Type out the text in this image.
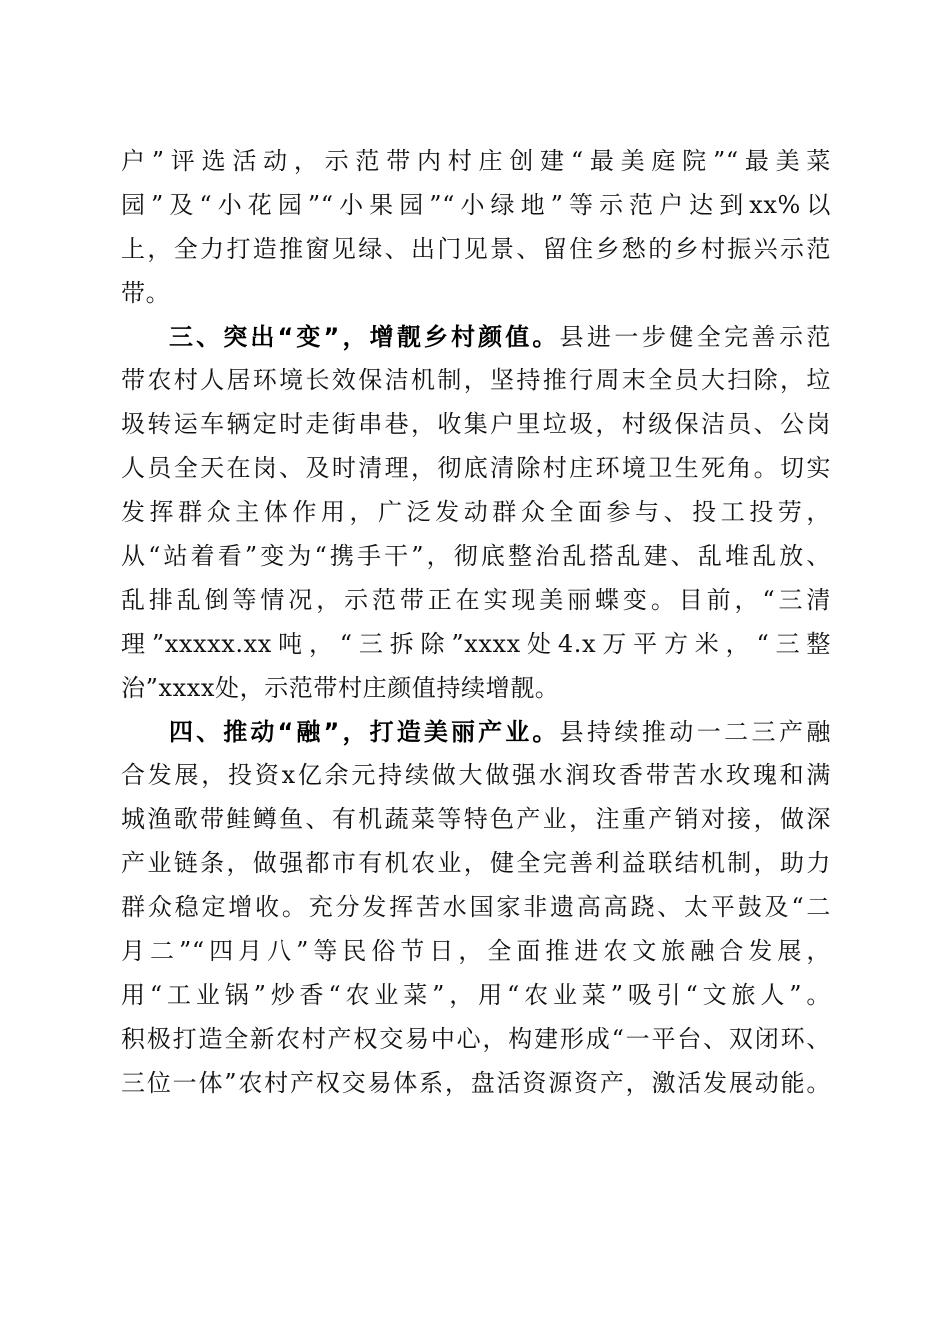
户”评选活动，示范带内村庄创建“最美庭院”“最美菜
园”及“小花园”“小果园”“小绿地”等示范户达到xx%以
上，全力打造推窗见绿、出门见景、留住乡愁的乡村振兴示范
带。
三、突出“变”，增靓乡村颜值。县进一步健全完善示范
带农村人居环境长效保洁机制，坚持推行周末全员大扫除，垃
圾转运车辆定时走街串巷，收集户里垃圾，村级保洁员、公岗
人员全天在岗、及时清理，彻底清除村庄环境卫生死角。切实
发挥群众主体作用，广泛发动群众全面参与、投工投劳，
从“站着看”变为“携手干”，彻底整治乱搭乱建、乱堆乱放、
乱排乱倒等情况，示范带正在实现美丽蝶变。目前，“三清
理”xxxxx.xx吨，“三拆除”xxxx处4.x万平方米，“三整
治”xxxx处，示范带村庄颜值持续增靓。
四、推动“融”，打造美丽产业。县持续推动一二三产融
合发展，投资x亿余元持续做大做强水润玫香带苦水玫瑰和满
城渔歌带鲑鳟鱼、有机蔬菜等特色产业，注重产销对接，做深
产业链条，做强都市有机农业，健全完善利益联结机制，助力
群众稳定增收。充分发挥苦水国家非遗高高跷、太平鼓及“二
月二”“四月八”等民俗节日，全面推进农文旅融合发展，
用“工业锅”炒香“农业菜”，用“农业菜”吸引“文旅人”。
积极打造全新农村产权交易中心，构建形成“一平台、双闭环、
三位一体”农村产权交易体系，盘活资源资产，激活发展动能。
